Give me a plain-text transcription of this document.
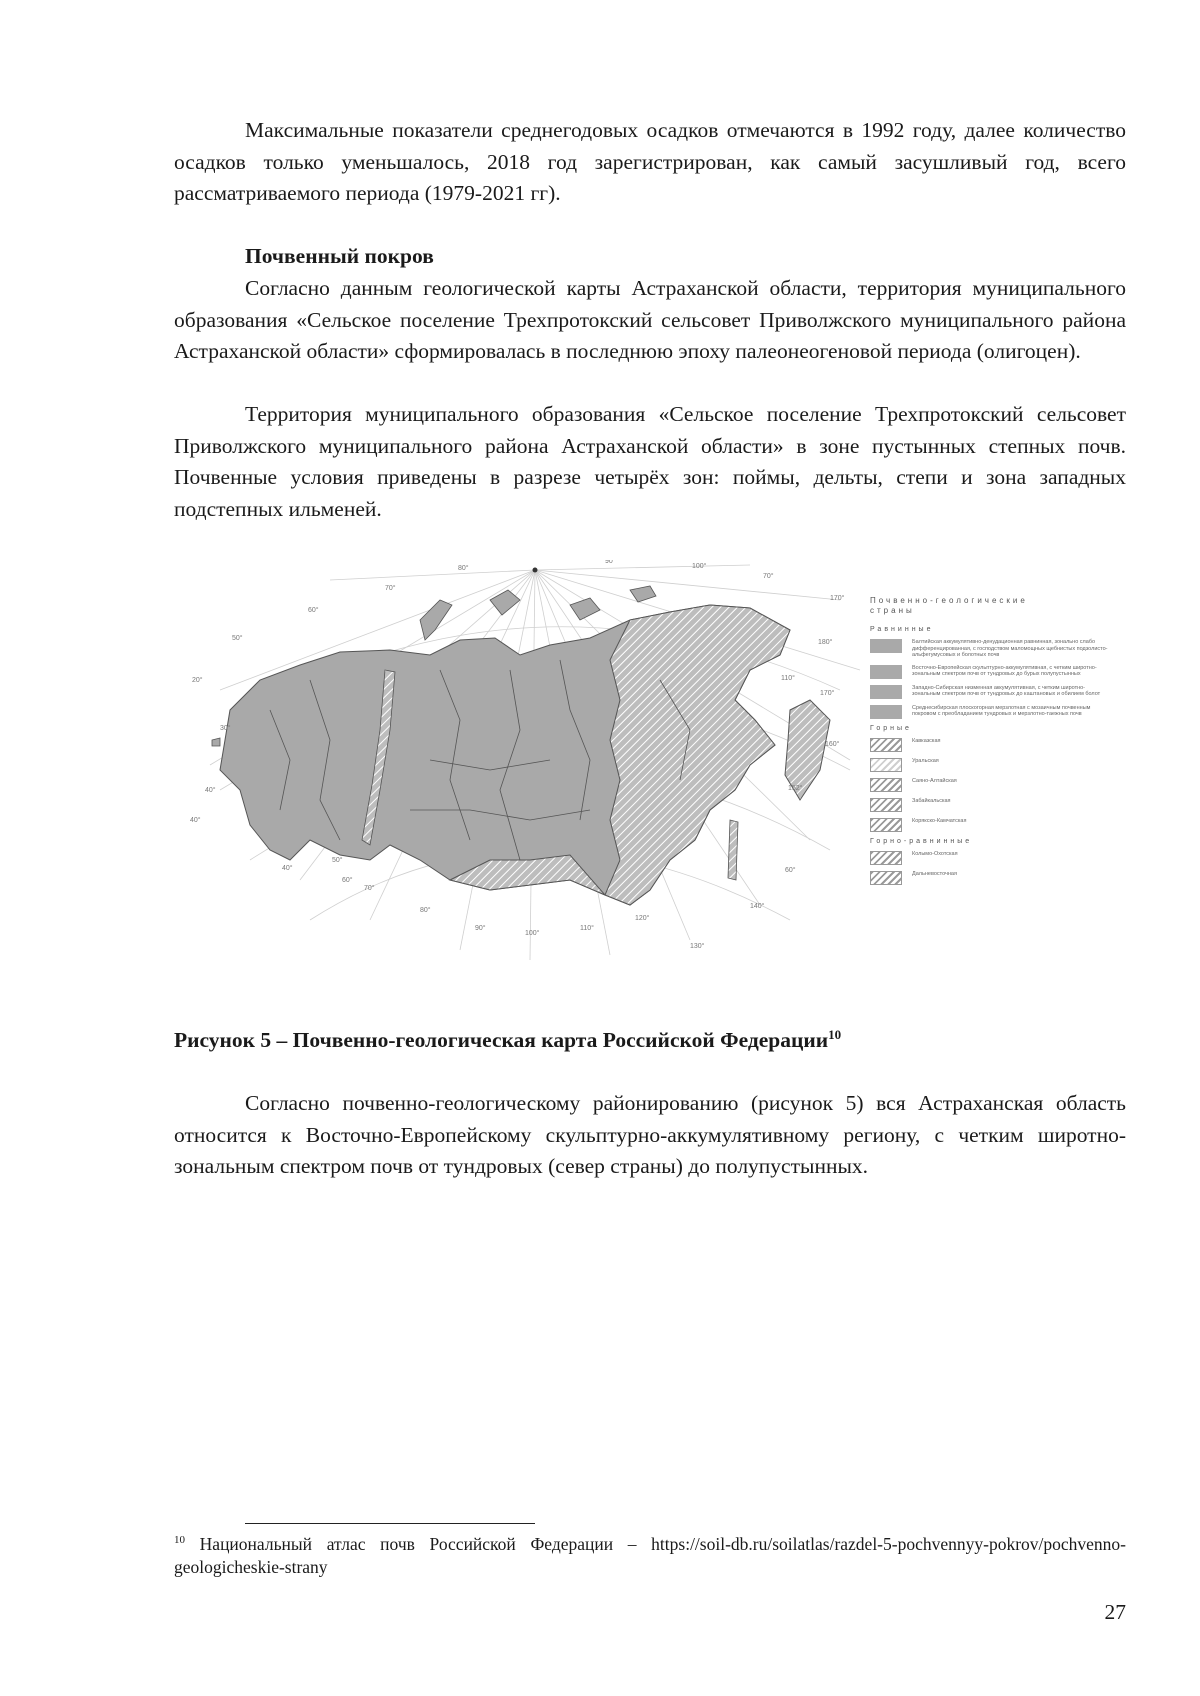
Максимальные показатели среднегодовых осадков отмечаются в 1992 году, далее количество осадков только уменьшалось, 2018 год зарегистрирован, как самый засушливый год, всего рассматриваемого периода (1979-2021 гг).

Почвенный покров

Согласно данным геологической карты Астраханской области, территория муниципального образования «Сельское поселение Трехпротокский сельсовет Приволжского муниципального района Астраханской области» сформировалась в последнюю эпоху палеонеогеновой периода (олигоцен).

Территория муниципального образования «Сельское поселение Трехпротокский сельсовет Приволжского муниципального района Астраханской области» в зоне пустынных степных почв. Почвенные условия приведены в разрезе четырёх зон: поймы, дельты, степи и зона западных подстепных ильменей.

80°
90°
100°
70°
60°
50°
20°
30°
40°
40°
40°
50°
60°
70°
80°
90°
100°
110°
120°
130°
140°
152°
160°
170°
180°
170°
110°
60°
70°
Почвенно-геологические страны
Равнинные
Балтийская аккумулятивно-денудационная равнинная, зонально слабо дифференцированная, с господством маломощных щебнистых подзолисто-альфегумусовых и болотных почв
Восточно-Европейская скульптурно-аккумулятивная, с четким широтно-зональным спектром почв от тундровых до бурых полупустынных
Западно-Сибирская низменная аккумулятивная, с четким широтно-зональным спектром почв от тундровых до каштановых и обилием болот
Среднесибирская плоскогорная мерзлотная с мозаичным почвенным покровом с преобладанием тундровых и мерзлотно-таежных почв
Горные
Кавказская
Уральская
Саяно-Алтайская
Забайкальская
Корякско-Камчатская
Горно-равнинные
Колымо-Охотская
Дальневосточная

Рисунок 5 – Почвенно-геологическая карта Российской Федерации$^{10}$

Согласно почвенно-геологическому районированию (рисунок 5) вся Астраханская область относится к Восточно-Европейскому скульптурно-аккумулятивному региону, с четким широтно-зональным спектром почв от тундровых (север страны) до полупустынных.

$^{10}$ Национальный атлас почв Российской Федерации – https://soil-db.ru/soilatlas/razdel-5-pochvennyy-pokrov/pochvenno-geologicheskie-strany

27
